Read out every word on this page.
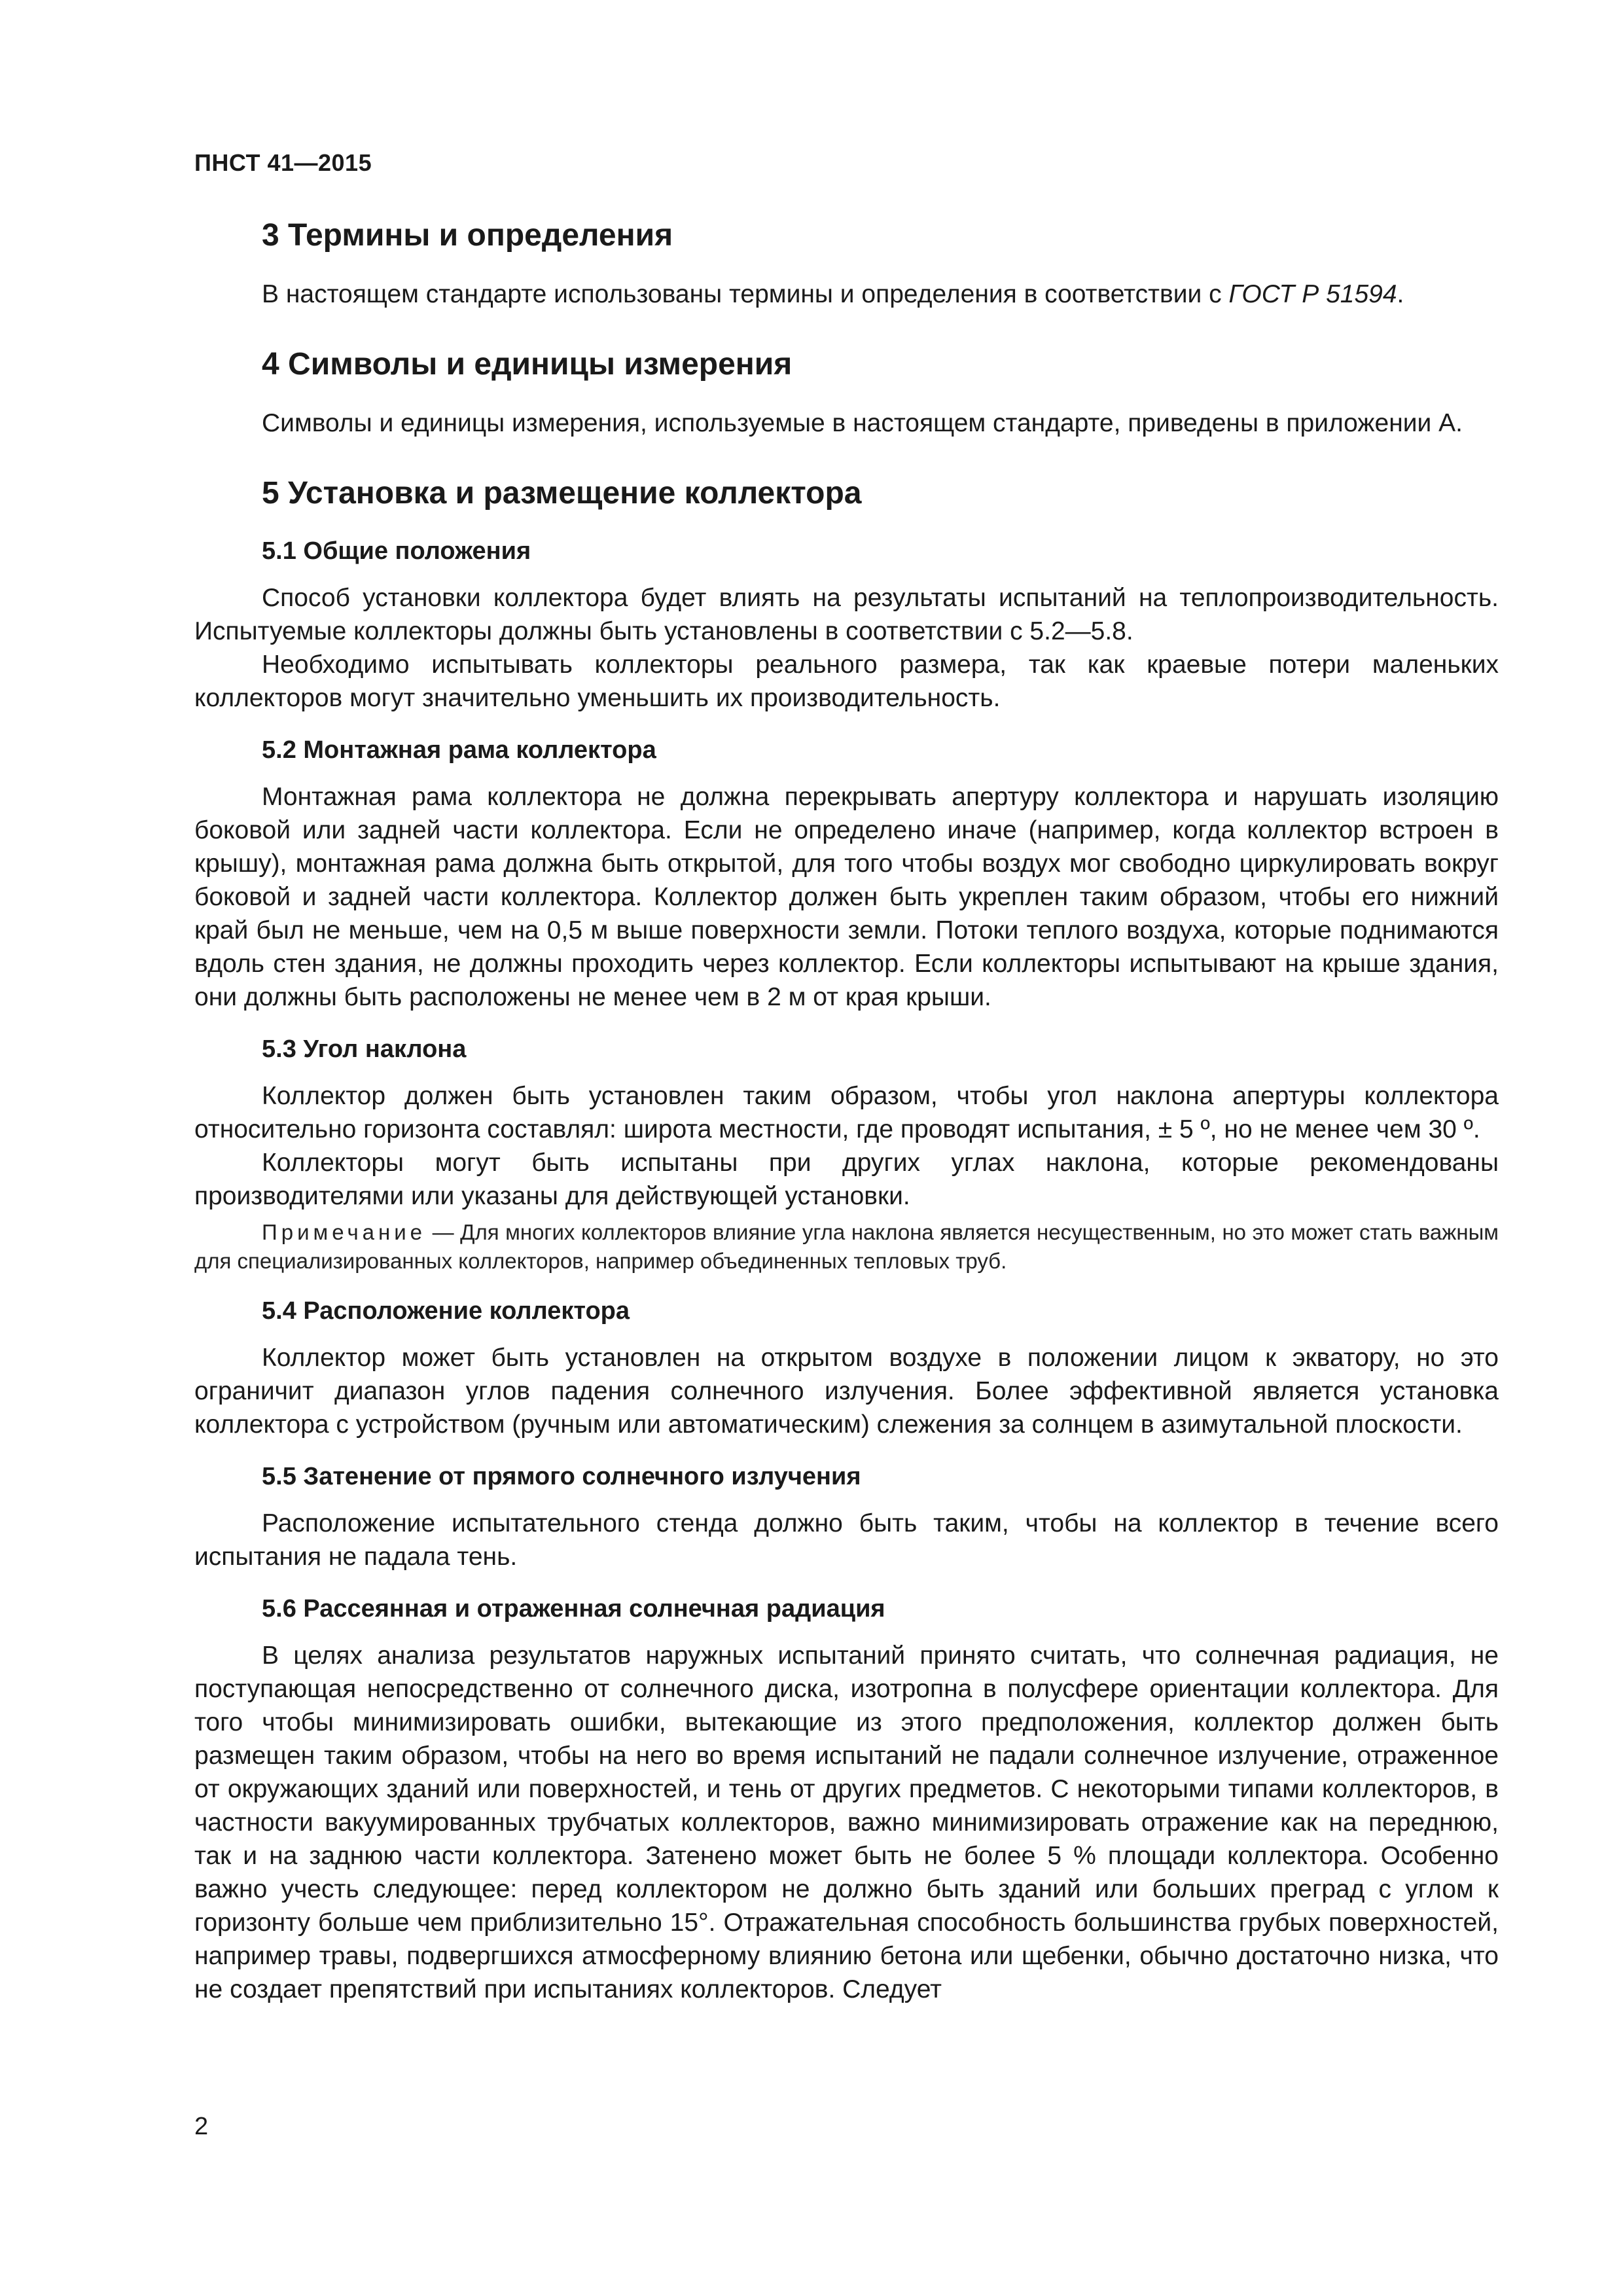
ПНСТ 41—2015
3 Термины и определения

В настоящем стандарте использованы термины и определения в соответствии с ГОСТ Р 51594.

4 Символы и единицы измерения

Символы и единицы измерения, используемые в настоящем стандарте, приведены в приложении А.

5 Установка и размещение коллектора
5.1 Общие положения

Способ установки коллектора будет влиять на результаты испытаний на теплопроизводительность. Испытуемые коллекторы должны быть установлены в соответствии с 5.2—5.8.

Необходимо испытывать коллекторы реального размера, так как краевые потери маленьких коллекторов могут значительно уменьшить их производительность.

5.2 Монтажная рама коллектора

Монтажная рама коллектора не должна перекрывать апертуру коллектора и нарушать изоляцию боковой или задней части коллектора. Если не определено иначе (например, когда коллектор встроен в крышу), монтажная рама должна быть открытой, для того чтобы воздух мог свободно циркулировать вокруг боковой и задней части коллектора. Коллектор должен быть укреплен таким образом, чтобы его нижний край был не меньше, чем на 0,5 м выше поверхности земли. Потоки теплого воздуха, которые поднимаются вдоль стен здания, не должны проходить через коллектор. Если коллекторы испытывают на крыше здания, они должны быть расположены не менее чем в 2 м от края крыши.

5.3 Угол наклона

Коллектор должен быть установлен таким образом, чтобы угол наклона апертуры коллектора относительно горизонта составлял: широта местности, где проводят испытания, ± 5 º, но не менее чем 30 º.

Коллекторы могут быть испытаны при других углах наклона, которые рекомендованы производителями или указаны для действующей установки.

Примечание — Для многих коллекторов влияние угла наклона является несущественным, но это может стать важным для специализированных коллекторов, например объединенных тепловых труб.

5.4 Расположение коллектора

Коллектор может быть установлен на открытом воздухе в положении лицом к экватору, но это ограничит диапазон углов падения солнечного излучения. Более эффективной является установка коллектора с устройством (ручным или автоматическим) слежения за солнцем в азимутальной плоскости.

5.5 Затенение от прямого солнечного излучения

Расположение испытательного стенда должно быть таким, чтобы на коллектор в течение всего испытания не падала тень.

5.6 Рассеянная и отраженная солнечная радиация

В целях анализа результатов наружных испытаний принято считать, что солнечная радиация, не поступающая непосредственно от солнечного диска, изотропна в полусфере ориентации коллектора. Для того чтобы минимизировать ошибки, вытекающие из этого предположения, коллектор должен быть размещен таким образом, чтобы на него во время испытаний не падали солнечное излучение, отраженное от окружающих зданий или поверхностей, и тень от других предметов. С некоторыми типами коллекторов, в частности вакуумированных трубчатых коллекторов, важно минимизировать отражение как на переднюю, так и на заднюю части коллектора. Затенено может быть не более 5 % площади коллектора. Особенно важно учесть следующее: перед коллектором не должно быть зданий или больших преград с углом к горизонту больше чем приблизительно 15°. Отражательная способность большинства грубых поверхностей, например травы, подвергшихся атмосферному влиянию бетона или щебенки, обычно достаточно низка, что не создает препятствий при испытаниях коллекторов. Следует

2
